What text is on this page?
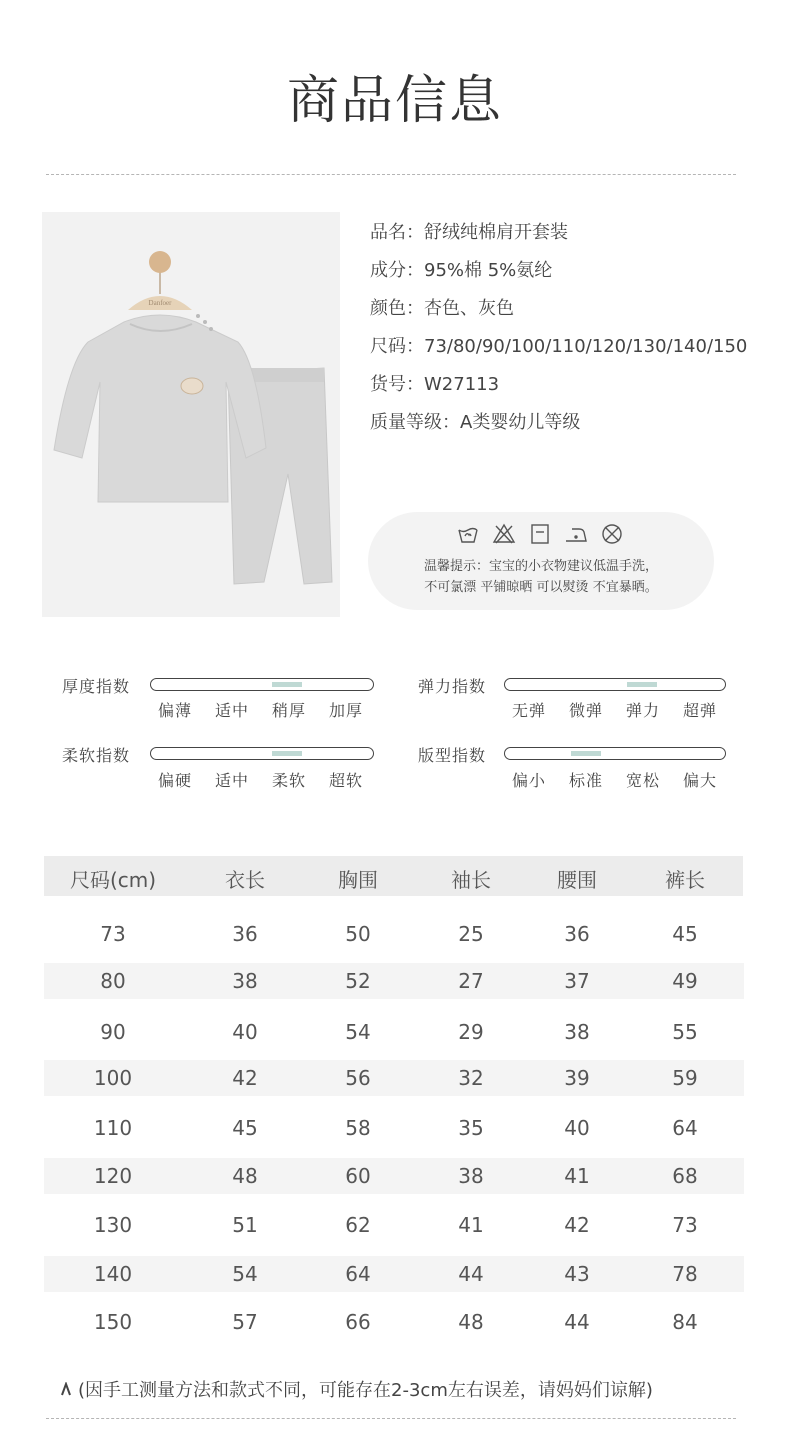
商品信息
Danfoer
品名：舒绒纯棉肩开套装
成分：95%棉 5%氨纶
颜色：杏色、灰色
尺码：73/80/90/100/110/120/130/140/150
货号：W27113
质量等级：A类婴幼儿等级
温馨提示：宝宝的小衣物建议低温手洗，
不可氯漂 平铺晾晒 可以熨烫 不宜暴晒。
厚度指数
偏薄	适中	稍厚	加厚
弹力指数
无弹	微弹	弹力	超弹
柔软指数
偏硬	适中	柔软	超软
版型指数
偏小	标准	宽松	偏大
尺码(cm)	衣长	胸围	袖长	腰围	裤长
73	36	50	25	36	45
80	38	52	27	37	49
90	40	54	29	38	55
100	42	56	32	39	59
110	45	58	35	40	64
120	48	60	38	41	68
130	51	62	41	42	73
140	54	64	44	43	78
150	57	66	48	44	84
(因手工测量方法和款式不同，可能存在2-3cm左右误差，请妈妈们谅解)
